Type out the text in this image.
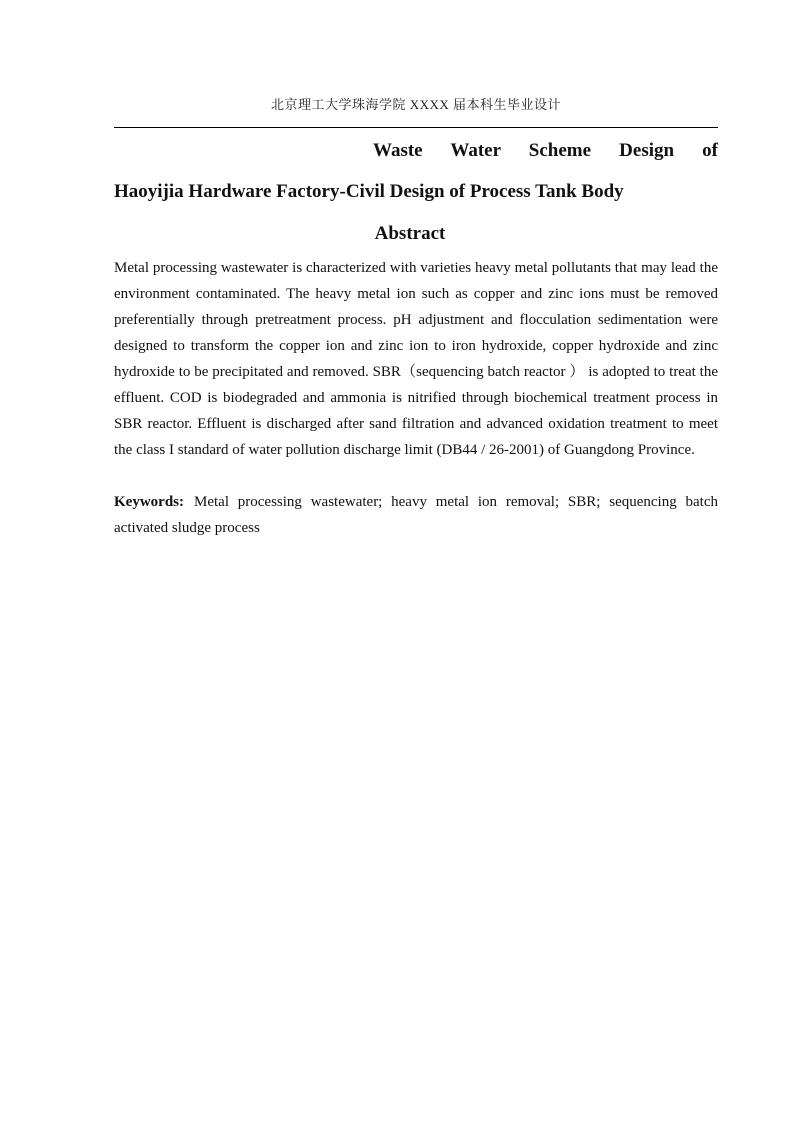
北京理工大学珠海学院 XXXX 届本科生毕业设计
Waste Water Scheme Design of
Haoyijia Hardware Factory-Civil Design of Process Tank Body
Abstract

Metal processing wastewater is characterized with varieties heavy metal pollutants that may lead the environment contaminated. The heavy metal ion such as copper and zinc ions must be removed preferentially through pretreatment process. pH adjustment and flocculation sedimentation were designed to transform the copper ion and zinc ion to iron hydroxide, copper hydroxide and zinc hydroxide to be precipitated and removed. SBR（sequencing batch reactor ） is adopted to treat the effluent. COD is biodegraded and ammonia is nitrified through biochemical treatment process in SBR reactor. Effluent is discharged after sand filtration and advanced oxidation treatment to meet the class I standard of water pollution discharge limit (DB44 / 26-2001) of Guangdong Province.

Keywords: Metal processing wastewater; heavy metal ion removal; SBR; sequencing batch activated sludge process
